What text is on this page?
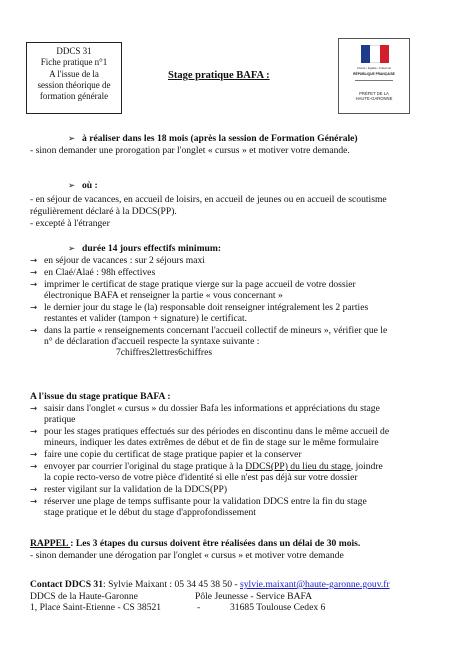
DDCS 31
Fiche pratique n°1
A l'issue de la
session théorique de
formation générale
Liberté • Égalité • Fraternité
RÉPUBLIQUE FRANÇAISE
PRÉFET DE LA
HAUTE-GARONNE
Stage pratique BAFA :
➢ à réaliser dans les 18 mois (après la session de Formation Générale)
- sinon demander une prorogation par l'onglet « cursus » et motiver votre demande.
➢ où :
- en séjour de vacances, en accueil de loisirs, en accueil de jeunes ou en accueil de scoutisme
régulièrement déclaré à la DDCS(PP).
- excepté à l'étranger
➢ durée 14 jours effectifs minimum:
→ en séjour de vacances : sur 2 séjours maxi
→ en Claé/Alaé : 98h effectives
→ imprimer le certificat de stage pratique vierge sur la page accueil de votre dossier
électronique BAFA et renseigner la partie « vous concernant »
→ le dernier jour du stage le (la) responsable doit renseigner intégralement les 2 parties
restantes et valider (tampon + signature) le certificat.
→ dans la partie « renseignements concernant l'accueil collectif de mineurs », vérifier que le
n° de déclaration d'accueil respecte la syntaxe suivante :
7chiffres2lettres6chiffres
A l'issue du stage pratique BAFA :
→ saisir dans l'onglet « cursus » du dossier Bafa les informations et appréciations du stage
pratique
→ pour les stages pratiques effectués sur des périodes en discontinu dans le même accueil de
mineurs, indiquer les dates extrêmes de début et de fin de stage sur le même formulaire
→ faire une copie du certificat de stage pratique papier et la conserver
→ envoyer par courrier l'original du stage pratique à la DDCS(PP) du lieu du stage, joindre
la copie recto-verso de votre pièce d'identité si elle n'est pas déjà sur votre dossier
→ rester vigilant sur la validation de la DDCS(PP)
→ réserver une plage de temps suffisante pour la validation DDCS entre la fin du stage
stage pratique et le début du stage d'approfondissement
RAPPEL : Les 3 étapes du cursus doivent être réalisées dans un délai de 30 mois.
- sinon demander une dérogation par l'onglet « cursus » et motiver votre demande
Contact DDCS 31: Sylvie Maixant : 05 34 45 38 50 - sylvie.maixant@haute-garonne.gouv.fr
DDCS de la Haute-Garonne	Pôle Jeunesse - Service BAFA
1, Place Saint-Etienne - CS 38521	-	31685 Toulouse Cedex 6
